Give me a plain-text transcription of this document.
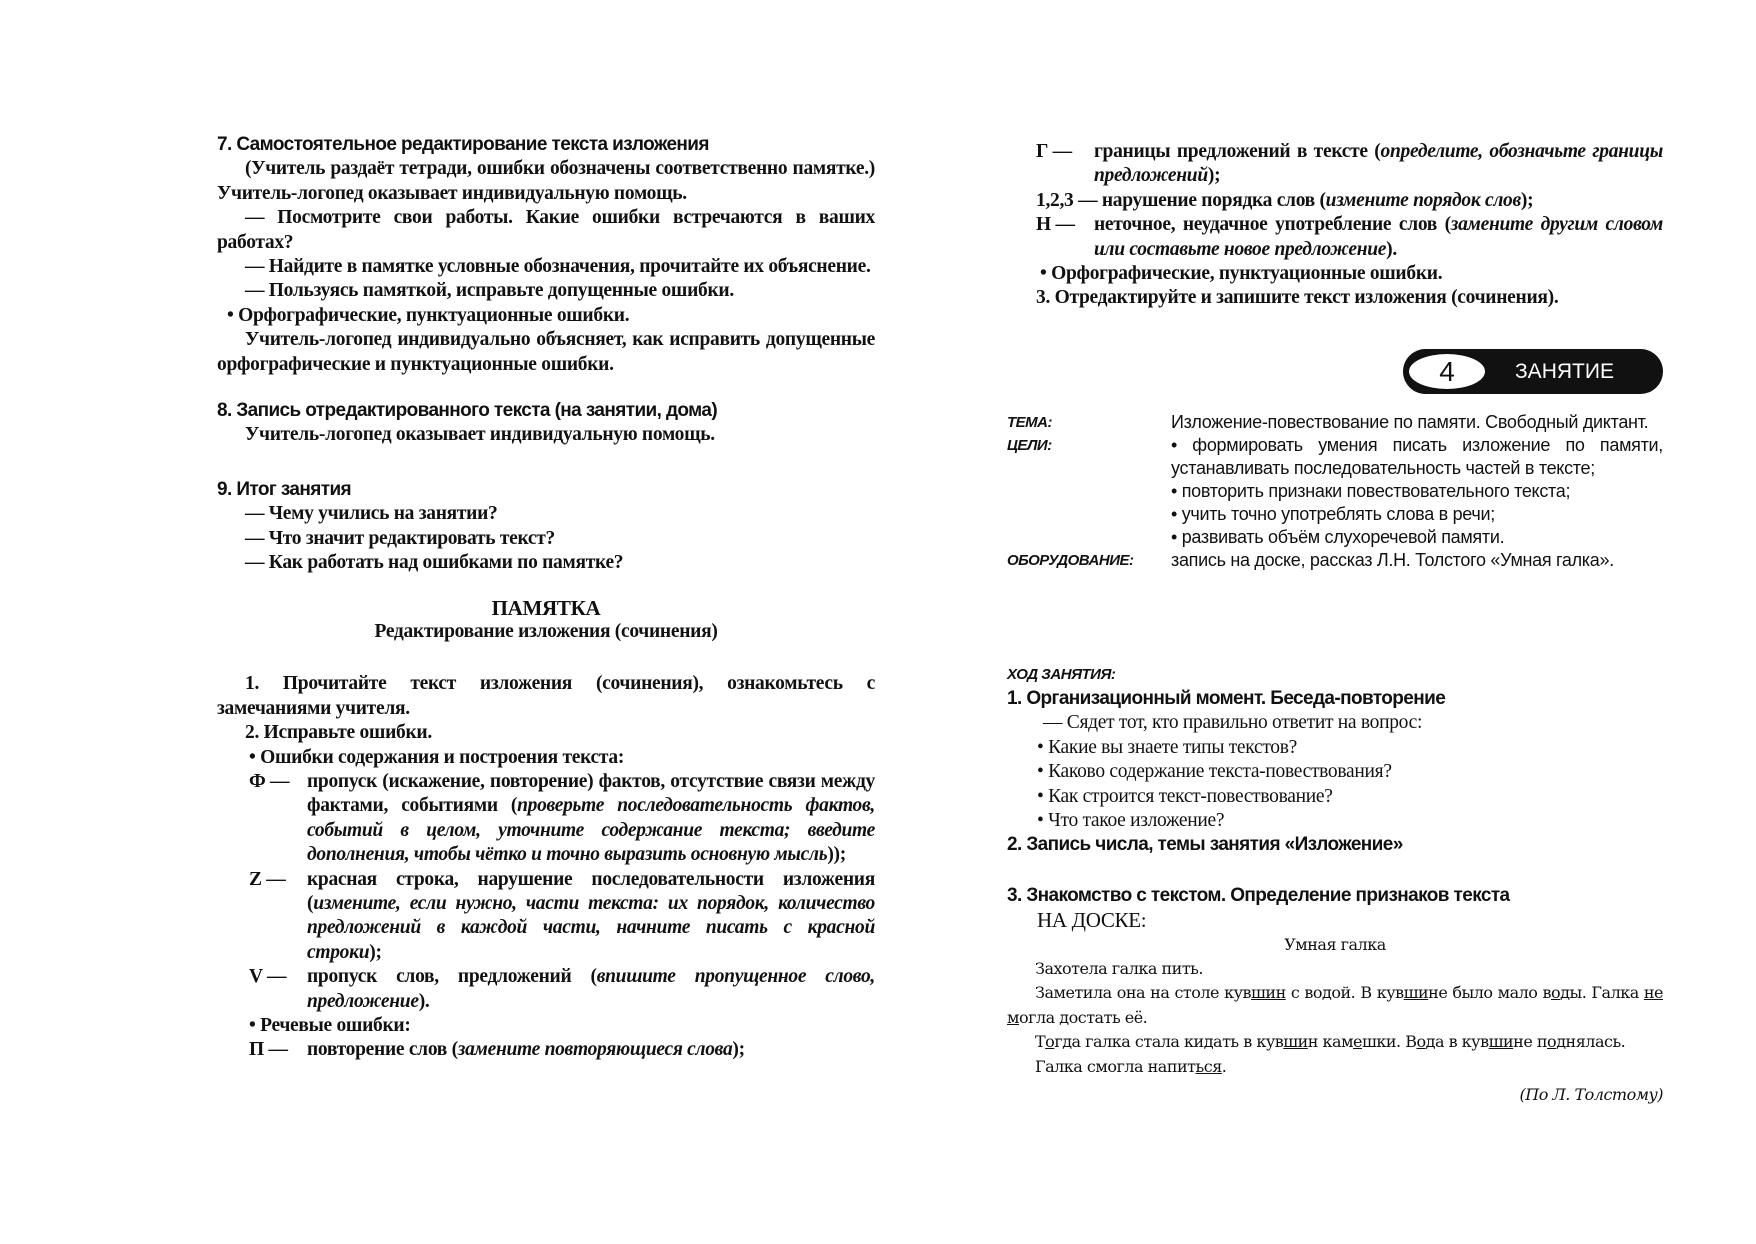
7. Самостоятельное редактирование текста изложения

(Учитель раздаёт тетради, ошибки обозначены соответственно памятке.) Учитель-логопед оказывает индивидуальную помощь.

— Посмотрите свои работы. Какие ошибки встречаются в ваших работах?

— Найдите в памятке условные обозначения, прочитайте их объяснение.

— Пользуясь памяткой, исправьте допущенные ошибки.

• Орфографические, пунктуационные ошибки.

Учитель-логопед индивидуально объясняет, как исправить допущенные орфографические и пунктуационные ошибки.

8. Запись отредактированного текста (на занятии, дома)

Учитель-логопед оказывает индивидуальную помощь.

9. Итог занятия

— Чему учились на занятии?

— Что значит редактировать текст?

— Как работать над ошибками по памятке?

ПАМЯТКА

Редактирование изложения (сочинения)

1. Прочитайте текст изложения (сочинения), ознакомьтесь с замечаниями учителя.

2. Исправьте ошибки.

• Ошибки содержания и построения текста:

Ф — пропуск (искажение, повторение) фактов, отсутствие связи между фактами, событиями (проверьте последовательность фактов, событий в целом, уточните содержание текста; введите дополнения, чтобы чётко и точно выразить основную мысль));

Z —	красная строка, нарушение последовательности изложения (измените, если нужно, части текста: их порядок, количество предложений в каждой части, начните писать с красной строки);

V —	пропуск слов, предложений (впишите пропущенное слово, предложение).

• Речевые ошибки:

П — повторение слов (замените повторяющиеся слова);

Г —	границы предложений в тексте (определите, обозначьте границы предложений);

1,2,3 — нарушение порядка слов (измените порядок слов);

Н — неточное, неудачное употребление слов (замените другим словом или составьте новое предложение).

• Орфографические, пунктуационные ошибки.

3. Отредактируйте и запишите текст изложения (сочинения).

4	ЗАНЯТИЕ
ТЕМА:	Изложение-повествование по памяти. Свободный диктант.

ЦЕЛИ:	• формировать умения писать изложение по памяти, устанавливать последовательность частей в тексте;

• повторить признаки повествовательного текста;

• учить точно употреблять слова в речи;

• развивать объём слухоречевой памяти.

ОБОРУДОВАНИЕ: запись на доске, рассказ Л.Н. Толстого «Умная галка».

ХОД ЗАНЯТИЯ:

1. Организационный момент. Беседа-повторение

— Сядет тот, кто правильно ответит на вопрос:

• Какие вы знаете типы текстов?

• Каково содержание текста-повествования?

• Как строится текст-повествование?

• Что такое изложение?

2. Запись числа, темы занятия «Изложение»

3. Знакомство с текстом. Определение признаков текста

НА ДОСКЕ:

Умная галка

Захотела галка пить.

Заметила она на столе кувшин с водой. В кувшине было мало воды. Галка не могла достать её.

Тогда галка стала кидать в кувшин камешки. Вода в кувшине поднялась.

Галка смогла напиться.

(По Л. Толстому)
